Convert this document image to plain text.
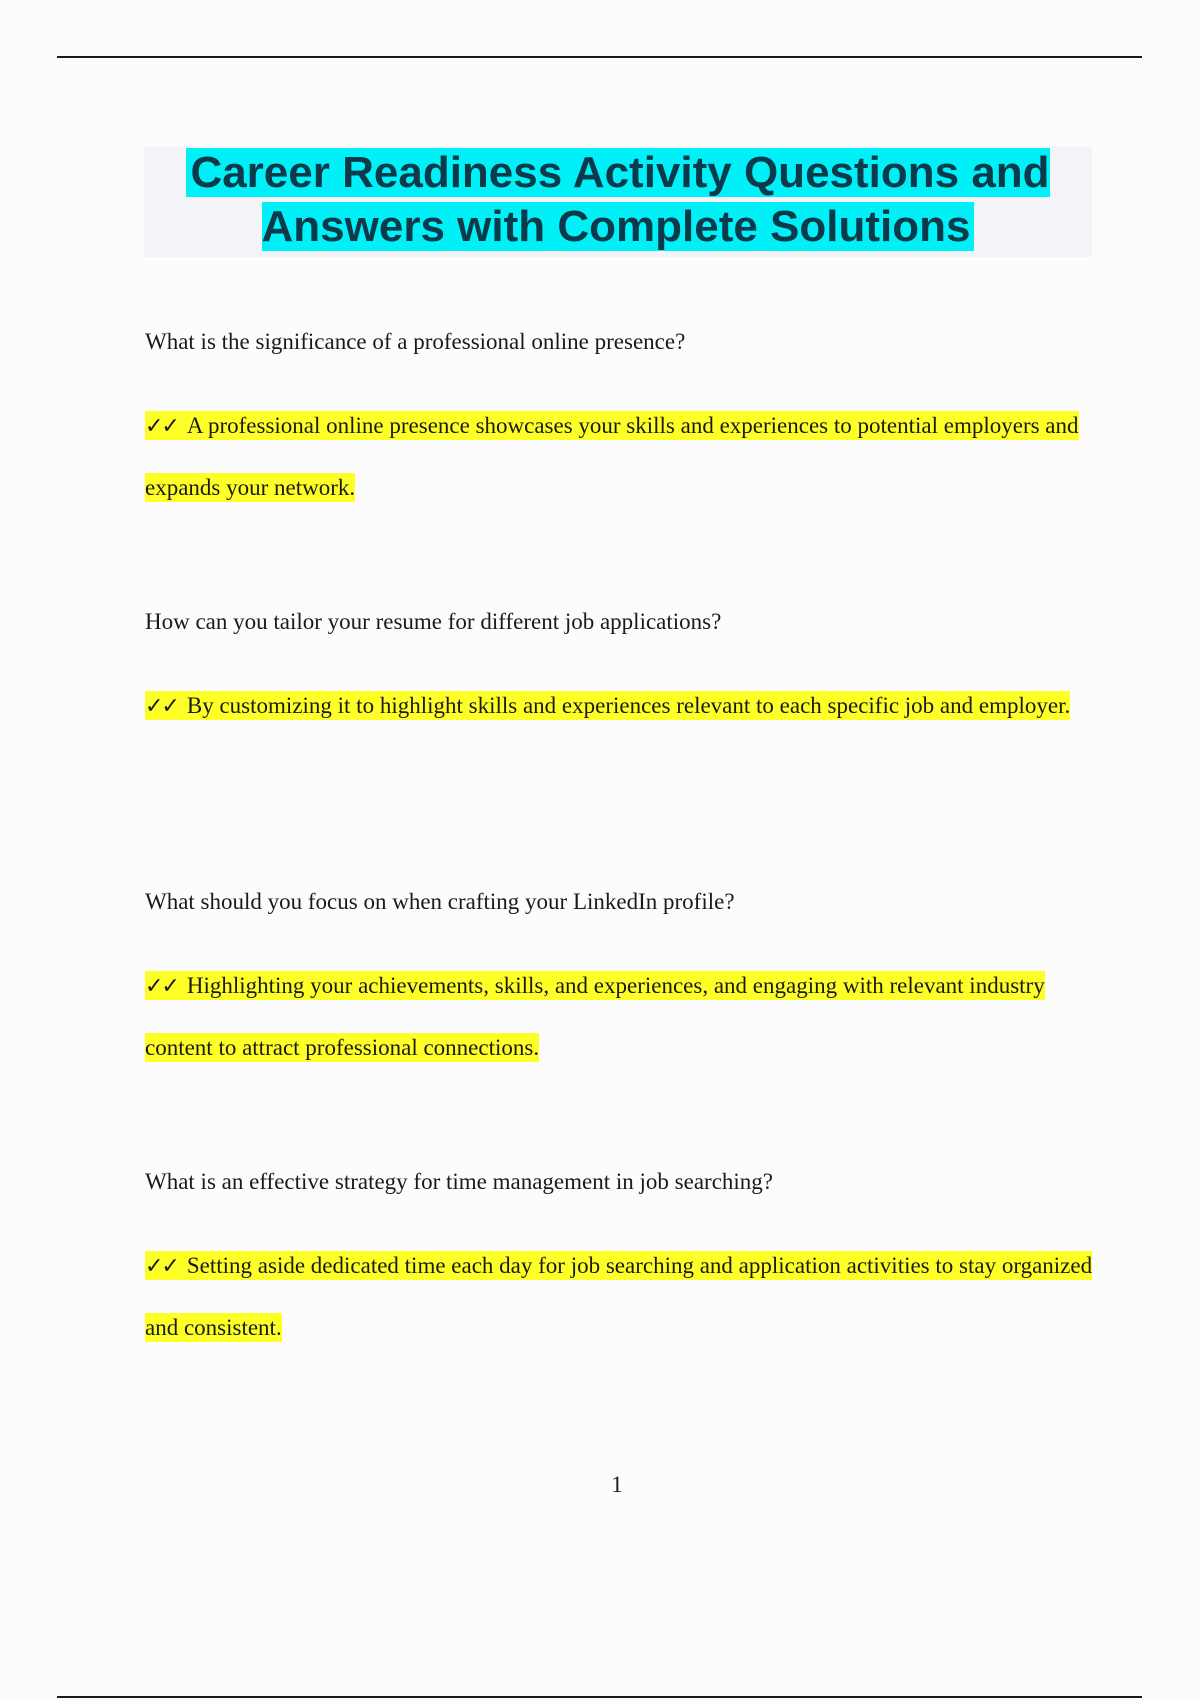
Career Readiness Activity Questions and Answers with Complete Solutions

What is the significance of a professional online presence?

✓✓ A professional online presence showcases your skills and experiences to potential employers and expands your network.

How can you tailor your resume for different job applications?

✓✓ By customizing it to highlight skills and experiences relevant to each specific job and employer.

What should you focus on when crafting your LinkedIn profile?

✓✓ Highlighting your achievements, skills, and experiences, and engaging with relevant industry content to attract professional connections.

What is an effective strategy for time management in job searching?

✓✓ Setting aside dedicated time each day for job searching and application activities to stay organized and consistent.

1
